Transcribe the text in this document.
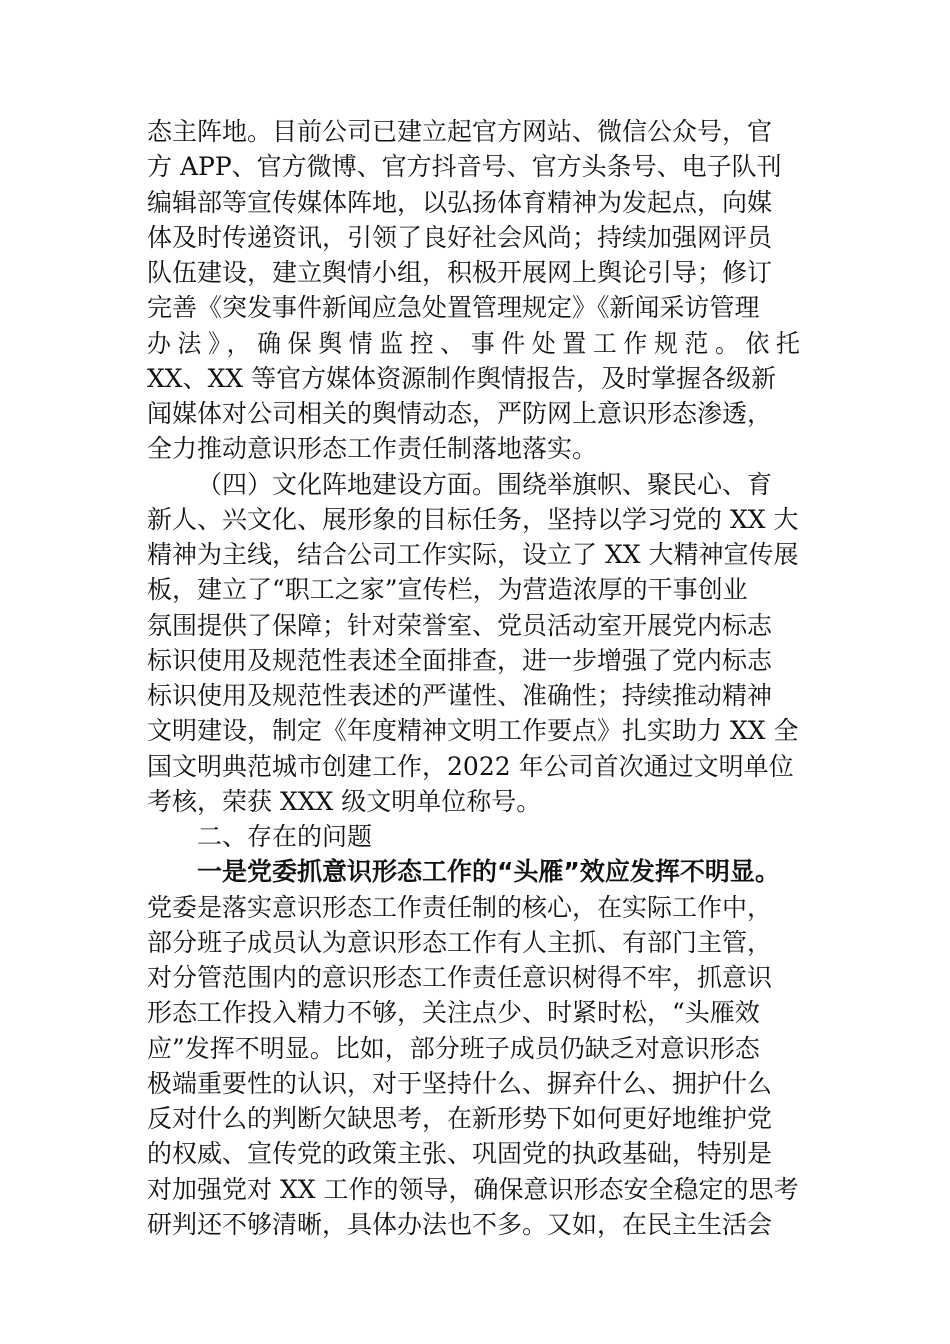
态主阵地。目前公司已建立起官方网站、微信公众号，官
方 APP、官方微博、官方抖音号、官方头条号、电子队刊
编辑部等宣传媒体阵地，以弘扬体育精神为发起点，向媒
体及时传递资讯，引领了良好社会风尚；持续加强网评员
队伍建设，建立舆情小组，积极开展网上舆论引导；修订
完善《突发事件新闻应急处置管理规定》《新闻采访管理
办法》，确保舆情监控、事件处置工作规范。依托
XX、XX 等官方媒体资源制作舆情报告，及时掌握各级新
闻媒体对公司相关的舆情动态，严防网上意识形态渗透，
全力推动意识形态工作责任制落地落实。
（四）文化阵地建设方面。围绕举旗帜、聚民心、育
新人、兴文化、展形象的目标任务，坚持以学习党的 XX 大
精神为主线，结合公司工作实际，设立了 XX 大精神宣传展
板，建立了“职工之家”宣传栏，为营造浓厚的干事创业
氛围提供了保障；针对荣誉室、党员活动室开展党内标志
标识使用及规范性表述全面排查，进一步增强了党内标志
标识使用及规范性表述的严谨性、准确性；持续推动精神
文明建设，制定《年度精神文明工作要点》扎实助力 XX 全
国文明典范城市创建工作，2022 年公司首次通过文明单位
考核，荣获 XXX 级文明单位称号。
二、存在的问题
一是党委抓意识形态工作的“头雁”效应发挥不明显。
党委是落实意识形态工作责任制的核心，在实际工作中，
部分班子成员认为意识形态工作有人主抓、有部门主管，
对分管范围内的意识形态工作责任意识树得不牢，抓意识
形态工作投入精力不够，关注点少、时紧时松，“头雁效
应”发挥不明显。比如，部分班子成员仍缺乏对意识形态
极端重要性的认识，对于坚持什么、摒弃什么、拥护什么
反对什么的判断欠缺思考，在新形势下如何更好地维护党
的权威、宣传党的政策主张、巩固党的执政基础，特别是
对加强党对 XX 工作的领导，确保意识形态安全稳定的思考
研判还不够清晰，具体办法也不多。又如，在民主生活会
